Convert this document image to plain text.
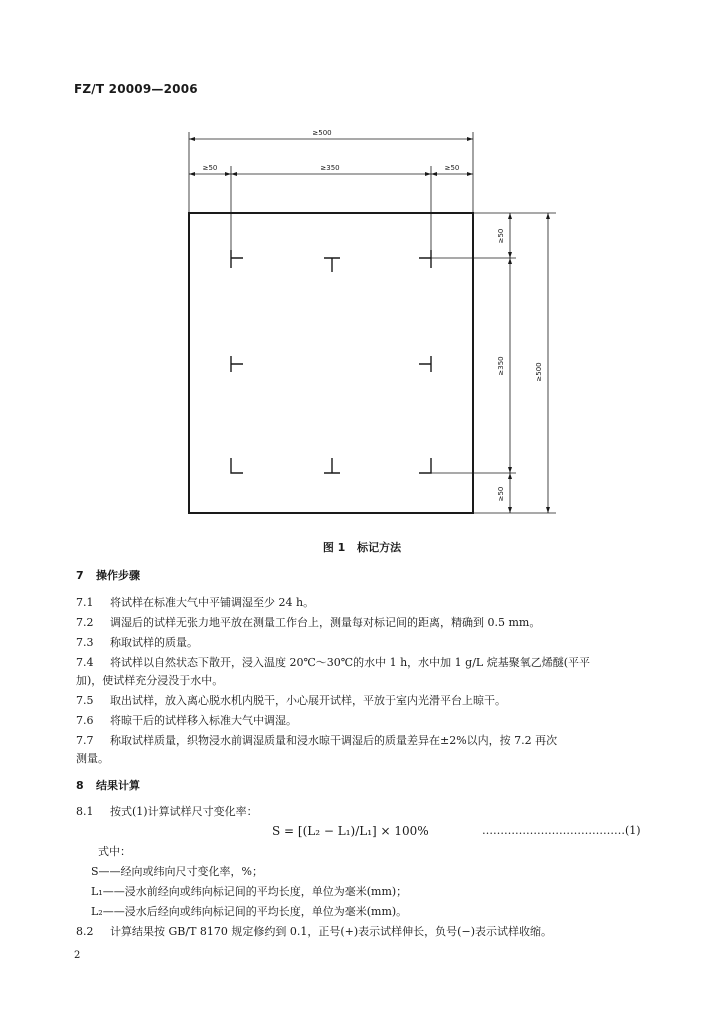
FZ/T 20009—2006
≥500
≥50	≥350	≥50
≥50
≥350
≥50
≥500
图 1 标记方法
7 操作步骤
7.1 将试样在标准大气中平铺调湿至少 24 h。
7.2 调湿后的试样无张力地平放在测量工作台上，测量每对标记间的距离，精确到 0.5 mm。
7.3 称取试样的质量。
7.4 将试样以自然状态下散开，浸入温度 20℃～30℃的水中 1 h，水中加 1 g/L 烷基聚氧乙烯醚(平平
加)，使试样充分浸没于水中。
7.5 取出试样，放入离心脱水机内脱干，小心展开试样，平放于室内光滑平台上晾干。
7.6 将晾干后的试样移入标准大气中调湿。
7.7 称取试样质量，织物浸水前调湿质量和浸水晾干调湿后的质量差异在±2%以内，按 7.2 再次
测量。
8 结果计算
8.1 按式(1)计算试样尺寸变化率：
S = [(L₂ − L₁)/L₁] × 100%	…………………………………(1)
式中：
S——经向或纬向尺寸变化率，%；
L₁——浸水前经向或纬向标记间的平均长度，单位为毫米(mm)；
L₂——浸水后经向或纬向标记间的平均长度，单位为毫米(mm)。
8.2 计算结果按 GB/T 8170 规定修约到 0.1，正号(+)表示试样伸长，负号(−)表示试样收缩。
2
